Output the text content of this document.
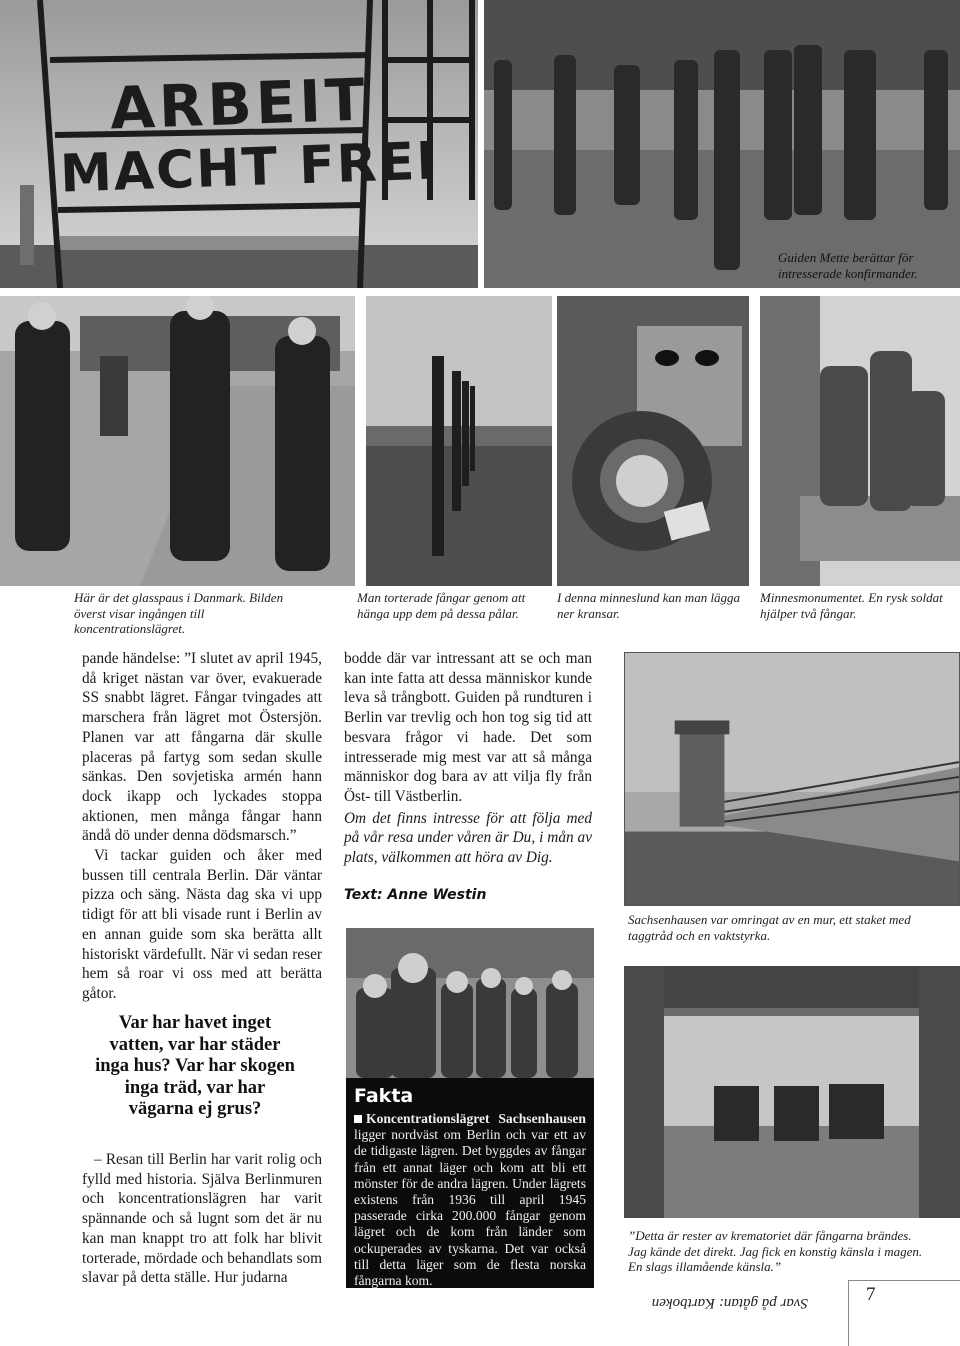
ARBEIT
MACHT FREI
Guiden Mette berättar för intresserade konfirmander.
Här är det glasspaus i Danmark. Bilden överst visar ingången till koncentrationslägret.
Man torterade fångar genom att hänga upp dem på dessa pålar.
I denna minneslund kan man lägga ner kransar.
Minnesmonumentet. En rysk soldat hjälper två fångar.

pande händelse: ”I slutet av april 1945, då kriget nästan var över, evakuerade SS snabbt lägret. Fångar tvingades att marschera från lägret mot Östersjön. Planen var att fångarna där skulle placeras på fartyg som sedan skulle sänkas. Den sovjetiska armén hann dock ikapp och lyckades stoppa aktionen, men många fångar hann ändå dö under denna dödsmarsch.”

Vi tackar guiden och åker med bussen till centrala Berlin. Där väntar pizza och säng. Nästa dag ska vi upp tidigt för att bli visade runt i Berlin av en annan guide som ska berätta allt historiskt värdefullt. När vi sedan reser hem så roar vi oss med att berätta gåtor.

Var har havet inget vatten, var har städer inga hus? Var har skogen inga träd, var har vägarna ej grus?

– Resan till Berlin har varit rolig och fylld med historia. Själva Berlinmuren och koncentrationslägren har varit spännande och så lugnt som det är nu kan man knappt tro att folk har blivit torterade, mördade och behandlats som slavar på detta ställe. Hur judarna

bodde där var intressant att se och man kan inte fatta att dessa människor kunde leva så trångbott. Guiden på rundturen i Berlin var trevlig och hon tog sig tid att besvara frågor vi hade. Det som intresserade mig mest var att så många människor dog bara av att vilja fly från Öst- till Västberlin.

Om det finns intresse för att följa med på vår resa under våren är Du, i mån av plats, välkommen att höra av Dig.

Text: Anne Westin
Fakta
Koncentrationslägret Sachsenhausen ligger nordväst om Berlin och var ett av de tidigaste lägren. Det byggdes av fångar från ett annat läger och kom att bli ett mönster för de andra lägren. Under lägrets existens från 1936 till april 1945 passerade cirka 200.000 fångar genom lägret och de kom från länder som ockuperades av tyskarna. Det var också till detta läger som de flesta norska fångarna kom.
Sachsenhausen var omringat av en mur, ett staket med taggtråd och en vaktstyrka.
”Detta är rester av krematoriet där fångarna brändes. Jag kände det direkt. Jag fick en konstig känsla i magen. En slags illamående känsla.”
Svar på gåtan: Kartboken	7
